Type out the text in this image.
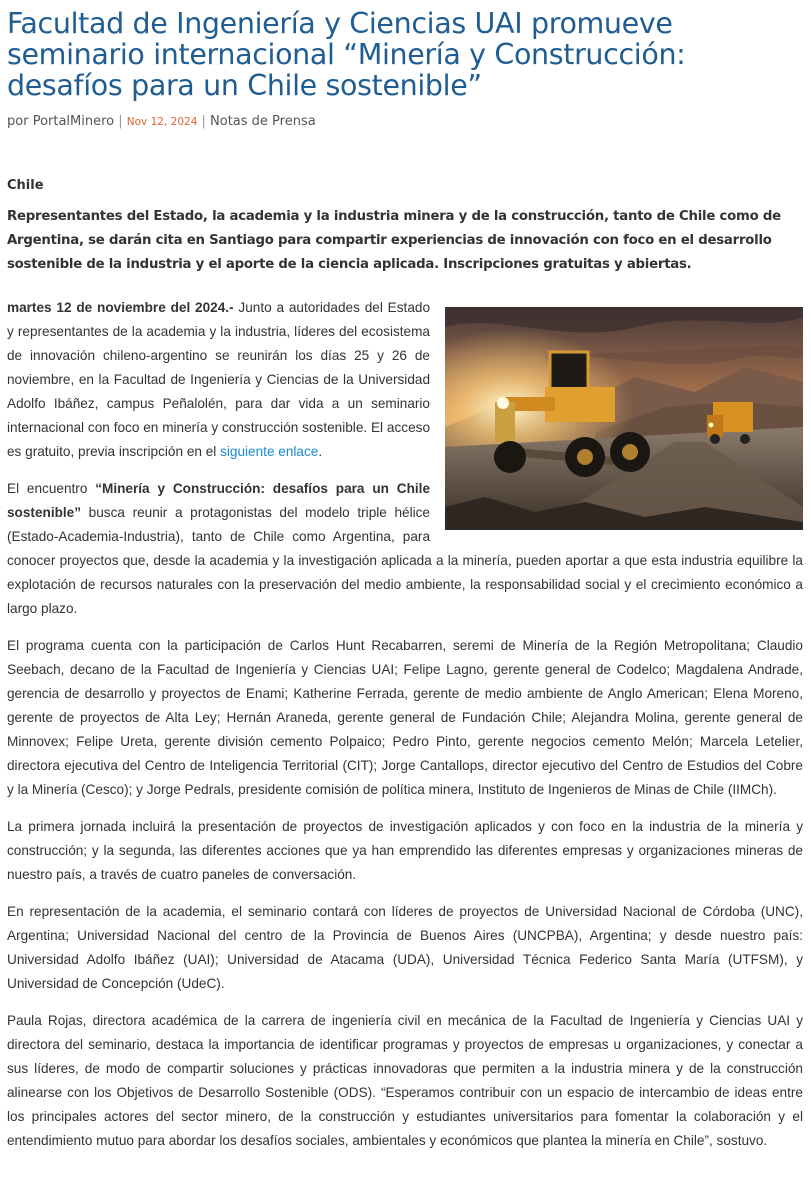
Facultad de Ingeniería y Ciencias UAI promueve seminario internacional “Minería y Construcción: desafíos para un Chile sostenible”
por PortalMinero | Nov 12, 2024 | Notas de Prensa
Chile
Representantes del Estado, la academia y la industria minera y de la construcción, tanto de Chile como de Argentina, se darán cita en Santiago para compartir experiencias de innovación con foco en el desarrollo sostenible de la industria y el aporte de la ciencia aplicada. Inscripciones gratuitas y abiertas.

martes 12 de noviembre del 2024.- Junto a autoridades del Estado y representantes de la academia y la industria, líderes del ecosistema de innovación chileno-argentino se reunirán los días 25 y 26 de noviembre, en la Facultad de Ingeniería y Ciencias de la Universidad Adolfo Ibáñez, campus Peñalolén, para dar vida a un seminario internacional con foco en minería y construcción sostenible. El acceso es gratuito, previa inscripción en el siguiente enlace.

El encuentro “Minería y Construcción: desafíos para un Chile sostenible” busca reunir a protagonistas del modelo triple hélice (Estado-Academia-Industria), tanto de Chile como Argentina, para conocer proyectos que, desde la academia y la investigación aplicada a la minería, pueden aportar a que esta industria equilibre la explotación de recursos naturales con la preservación del medio ambiente, la responsabilidad social y el crecimiento económico a largo plazo.

El programa cuenta con la participación de Carlos Hunt Recabarren, seremi de Minería de la Región Metropolitana; Claudio Seebach, decano de la Facultad de Ingeniería y Ciencias UAI; Felipe Lagno, gerente general de Codelco; Magdalena Andrade, gerencia de desarrollo y proyectos de Enami; Katherine Ferrada, gerente de medio ambiente de Anglo American; Elena Moreno, gerente de proyectos de Alta Ley; Hernán Araneda, gerente general de Fundación Chile; Alejandra Molina, gerente general de Minnovex; Felipe Ureta, gerente división cemento Polpaico; Pedro Pinto, gerente negocios cemento Melón; Marcela Letelier, directora ejecutiva del Centro de Inteligencia Territorial (CIT); Jorge Cantallops, director ejecutivo del Centro de Estudios del Cobre y la Minería (Cesco); y Jorge Pedrals, presidente comisión de política minera, Instituto de Ingenieros de Minas de Chile (IIMCh).

La primera jornada incluirá la presentación de proyectos de investigación aplicados y con foco en la industria de la minería y construcción; y la segunda, las diferentes acciones que ya han emprendido las diferentes empresas y organizaciones mineras de nuestro país, a través de cuatro paneles de conversación.

En representación de la academia, el seminario contará con líderes de proyectos de Universidad Nacional de Córdoba (UNC), Argentina; Universidad Nacional del centro de la Provincia de Buenos Aires (UNCPBA), Argentina; y desde nuestro país: Universidad Adolfo Ibáñez (UAI); Universidad de Atacama (UDA), Universidad Técnica Federico Santa María (UTFSM), y Universidad de Concepción (UdeC).

Paula Rojas, directora académica de la carrera de ingeniería civil en mecánica de la Facultad de Ingeniería y Ciencias UAI y directora del seminario, destaca la importancia de identificar programas y proyectos de empresas u organizaciones, y conectar a sus líderes, de modo de compartir soluciones y prácticas innovadoras que permiten a la industria minera y de la construcción alinearse con los Objetivos de Desarrollo Sostenible (ODS). “Esperamos contribuir con un espacio de intercambio de ideas entre los principales actores del sector minero, de la construcción y estudiantes universitarios para fomentar la colaboración y el entendimiento mutuo para abordar los desafíos sociales, ambientales y económicos que plantea la minería en Chile”, sostuvo.
